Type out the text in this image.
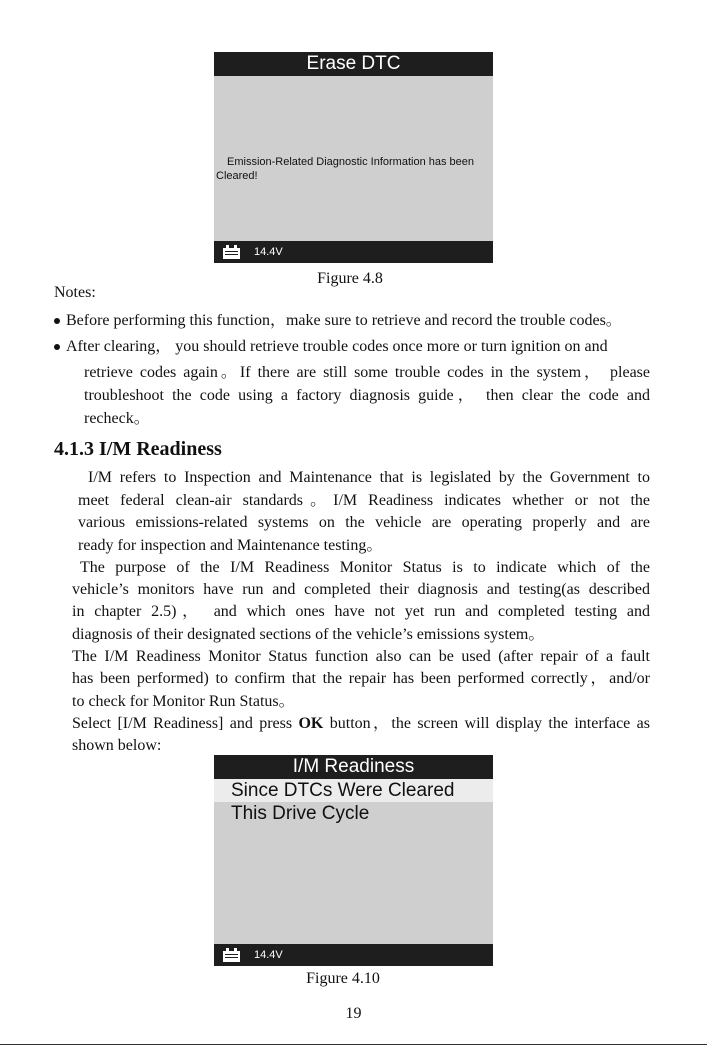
Erase DTC
Emission-Related Diagnostic Information has been Cleared!
14.4V
Figure 4.8
Notes:
Before performing this function，make sure to retrieve and record the trouble codes。
After clearing， you should retrieve trouble codes once more or turn ignition on and
retrieve codes again。If there are still some trouble codes in the system， please
troubleshoot the code using a factory diagnosis guide， then clear the code and
recheck。
4.1.3 I/M Readiness
I/M refers to Inspection and Maintenance that is legislated by the Government to
meet federal clean-air standards。I/M Readiness indicates whether or not the
various emissions-related systems on the vehicle are operating properly and are
ready for inspection and Maintenance testing。
The purpose of the I/M Readiness Monitor Status is to indicate which of the
vehicle’s monitors have run and completed their diagnosis and testing(as described
in chapter 2.5)， and which ones have not yet run and completed testing and
diagnosis of their designated sections of the vehicle’s emissions system。
The I/M Readiness Monitor Status function also can be used (after repair of a fault
has been performed) to confirm that the repair has been performed correctly，and/or
to check for Monitor Run Status。
Select [I/M Readiness] and press OK button，the screen will display the interface as
shown below:
I/M Readiness
Since DTCs Were Cleared
This Drive Cycle
14.4V
Figure 4.10
19
